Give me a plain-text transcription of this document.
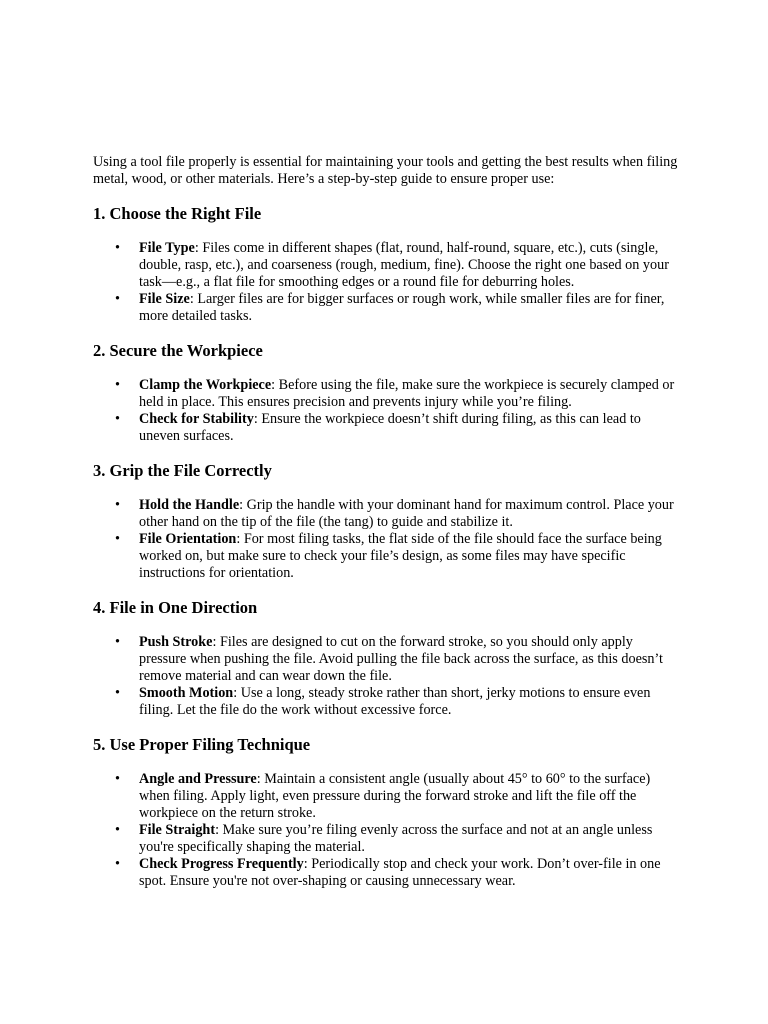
Using a tool file properly is essential for maintaining your tools and getting the best results when filing metal, wood, or other materials. Here’s a step-by-step guide to ensure proper use:

1. Choose the Right File
• File Type: Files come in different shapes (flat, round, half-round, square, etc.), cuts (single, double, rasp, etc.), and coarseness (rough, medium, fine). Choose the right one based on your task—e.g., a flat file for smoothing edges or a round file for deburring holes.
• File Size: Larger files are for bigger surfaces or rough work, while smaller files are for finer, more detailed tasks.
2. Secure the Workpiece
• Clamp the Workpiece: Before using the file, make sure the workpiece is securely clamped or held in place. This ensures precision and prevents injury while you’re filing.
• Check for Stability: Ensure the workpiece doesn’t shift during filing, as this can lead to uneven surfaces.
3. Grip the File Correctly
• Hold the Handle: Grip the handle with your dominant hand for maximum control. Place your other hand on the tip of the file (the tang) to guide and stabilize it.
• File Orientation: For most filing tasks, the flat side of the file should face the surface being worked on, but make sure to check your file’s design, as some files may have specific instructions for orientation.
4. File in One Direction
• Push Stroke: Files are designed to cut on the forward stroke, so you should only apply pressure when pushing the file. Avoid pulling the file back across the surface, as this doesn’t remove material and can wear down the file.
• Smooth Motion: Use a long, steady stroke rather than short, jerky motions to ensure even filing. Let the file do the work without excessive force.
5. Use Proper Filing Technique
• Angle and Pressure: Maintain a consistent angle (usually about 45° to 60° to the surface) when filing. Apply light, even pressure during the forward stroke and lift the file off the workpiece on the return stroke.
• File Straight: Make sure you’re filing evenly across the surface and not at an angle unless you're specifically shaping the material.
• Check Progress Frequently: Periodically stop and check your work. Don’t over-file in one spot. Ensure you're not over-shaping or causing unnecessary wear.
